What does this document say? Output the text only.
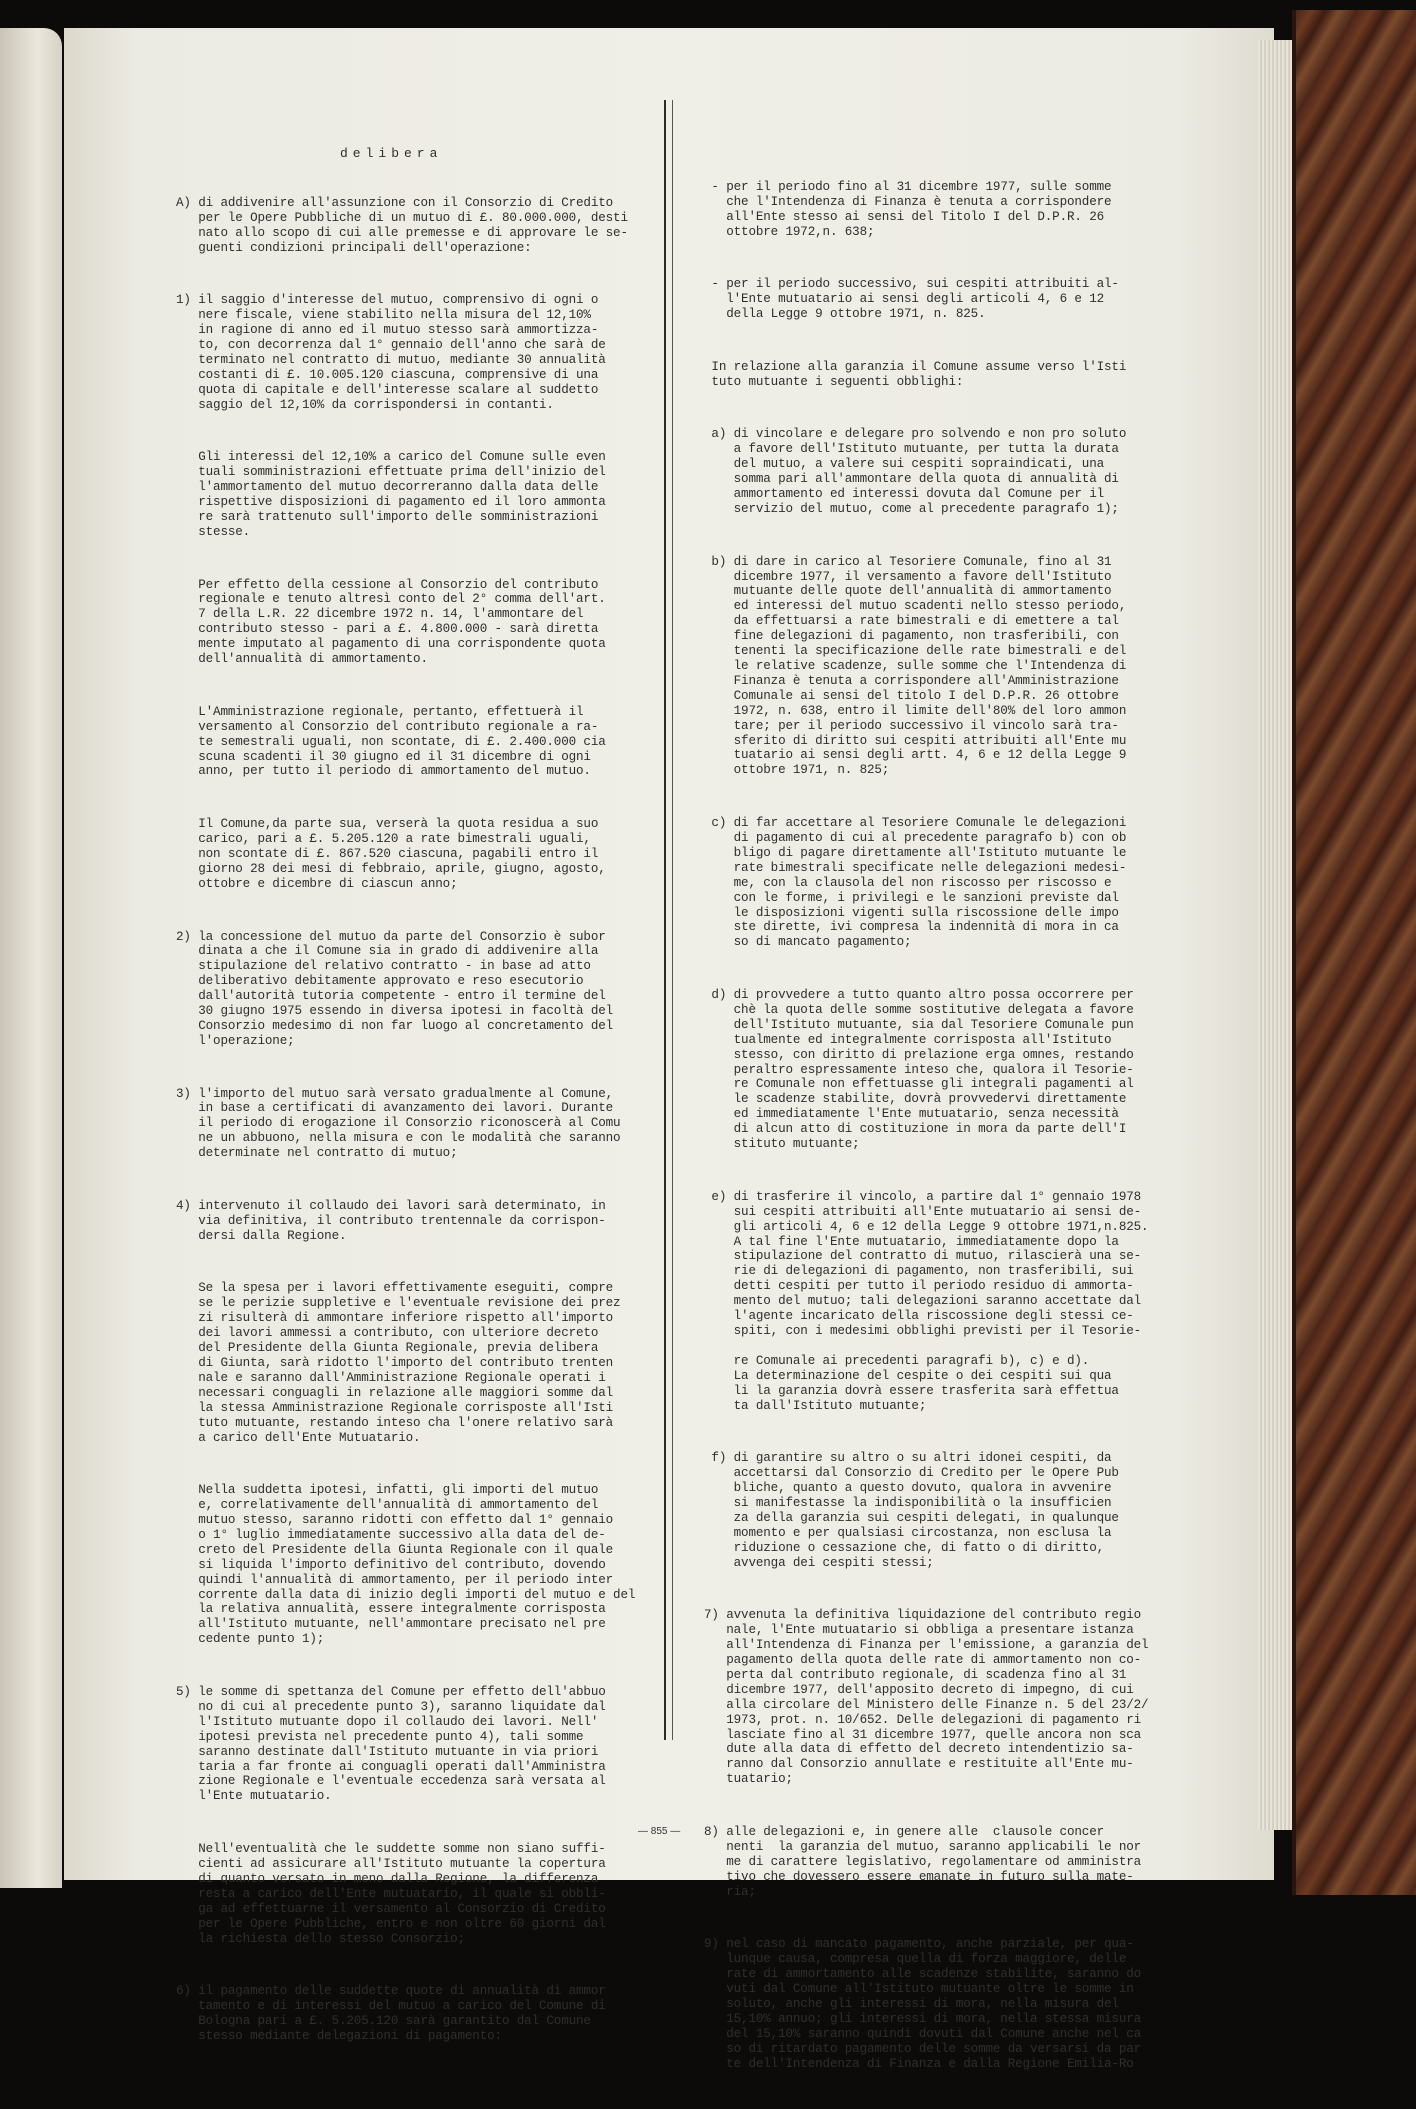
delibera

A) di addivenire all'assunzione con il Consorzio di Credito
per le Opere Pubbliche di un mutuo di £. 80.000.000, desti
nato allo scopo di cui alle premesse e di approvare le se-
guenti condizioni principali dell'operazione:

1) il saggio d'interesse del mutuo, comprensivo di ogni o
nere fiscale, viene stabilito nella misura del 12,10%
in ragione di anno ed il mutuo stesso sarà ammortizza-
to, con decorrenza dal 1° gennaio dell'anno che sarà de
terminato nel contratto di mutuo, mediante 30 annualità
costanti di £. 10.005.120 ciascuna, comprensive di una
quota di capitale e dell'interesse scalare al suddetto
saggio del 12,10% da corrispondersi in contanti.

Gli interessi del 12,10% a carico del Comune sulle even
tuali somministrazioni effettuate prima dell'inizio del
l'ammortamento del mutuo decorreranno dalla data delle
rispettive disposizioni di pagamento ed il loro ammonta
re sarà trattenuto sull'importo delle somministrazioni
stesse.

Per effetto della cessione al Consorzio del contributo
regionale e tenuto altresì conto del 2° comma dell'art.
7 della L.R. 22 dicembre 1972 n. 14, l'ammontare del
contributo stesso - pari a £. 4.800.000 - sarà diretta
mente imputato al pagamento di una corrispondente quota
dell'annualità di ammortamento.

L'Amministrazione regionale, pertanto, effettuerà il
versamento al Consorzio del contributo regionale a ra-
te semestrali uguali, non scontate, di £. 2.400.000 cia
scuna scadenti il 30 giugno ed il 31 dicembre di ogni
anno, per tutto il periodo di ammortamento del mutuo.

Il Comune,da parte sua, verserà la quota residua a suo
carico, pari a £. 5.205.120 a rate bimestrali uguali,
non scontate di £. 867.520 ciascuna, pagabili entro il
giorno 28 dei mesi di febbraio, aprile, giugno, agosto,
ottobre e dicembre di ciascun anno;

2) la concessione del mutuo da parte del Consorzio è subor
dinata a che il Comune sia in grado di addivenire alla
stipulazione del relativo contratto - in base ad atto
deliberativo debitamente approvato e reso esecutorio
dall'autorità tutoria competente - entro il termine del
30 giugno 1975 essendo in diversa ipotesi in facoltà del
Consorzio medesimo di non far luogo al concretamento del
l'operazione;

3) l'importo del mutuo sarà versato gradualmente al Comune,
in base a certificati di avanzamento dei lavori. Durante
il periodo di erogazione il Consorzio riconoscerà al Comu
ne un abbuono, nella misura e con le modalità che saranno
determinate nel contratto di mutuo;

4) intervenuto il collaudo dei lavori sarà determinato, in
via definitiva, il contributo trentennale da corrispon-
dersi dalla Regione.

Se la spesa per i lavori effettivamente eseguiti, compre
se le perizie suppletive e l'eventuale revisione dei prez
zi risulterà di ammontare inferiore rispetto all'importo
dei lavori ammessi a contributo, con ulteriore decreto
del Presidente della Giunta Regionale, previa delibera
di Giunta, sarà ridotto l'importo del contributo trenten
nale e saranno dall'Amministrazione Regionale operati i
necessari conguagli in relazione alle maggiori somme dal
la stessa Amministrazione Regionale corrisposte all'Isti
tuto mutuante, restando inteso cha l'onere relativo sarà
a carico dell'Ente Mutuatario.

Nella suddetta ipotesi, infatti, gli importi del mutuo
e, correlativamente dell'annualità di ammortamento del
mutuo stesso, saranno ridotti con effetto dal 1° gennaio
o 1° luglio immediatamente successivo alla data del de-
creto del Presidente della Giunta Regionale con il quale
si liquida l'importo definitivo del contributo, dovendo
quindi l'annualità di ammortamento, per il periodo inter
corrente dalla data di inizio degli importi del mutuo e del
la relativa annualità, essere integralmente corrisposta
all'Istituto mutuante, nell'ammontare precisato nel pre
cedente punto 1);

5) le somme di spettanza del Comune per effetto dell'abbuo
no di cui al precedente punto 3), saranno liquidate dal
l'Istituto mutuante dopo il collaudo dei lavori. Nell'
ipotesi prevista nel precedente punto 4), tali somme
saranno destinate dall'Istituto mutuante in via priori
taria a far fronte ai conguagli operati dall'Amministra
zione Regionale e l'eventuale eccedenza sarà versata al
l'Ente mutuatario.

Nell'eventualità che le suddette somme non siano suffi-
cienti ad assicurare all'Istituto mutuante la copertura
di quanto versato in meno dalla Regione, la differenza
resta a carico dell'Ente mutuatario, il quale si obbli-
ga ad effettuarne il versamento al Consorzio di Credito
per le Opere Pubbliche, entro e non oltre 60 giorni dal
la richiesta dello stesso Consorzio;

6) il pagamento delle suddette quote di annualità di ammor
tamento e di interessi del mutuo a carico del Comune di
Bologna pari a £. 5.205.120 sarà garantito dal Comune
stesso mediante delegazioni di pagamento:

- per il periodo fino al 31 dicembre 1977, sulle somme
che l'Intendenza di Finanza è tenuta a corrispondere
all'Ente stesso ai sensi del Titolo I del D.P.R. 26
ottobre 1972,n. 638;

- per il periodo successivo, sui cespiti attribuiti al-
l'Ente mutuatario ai sensi degli articoli 4, 6 e 12
della Legge 9 ottobre 1971, n. 825.

In relazione alla garanzia il Comune assume verso l'Isti
tuto mutuante i seguenti obblighi:

a) di vincolare e delegare pro solvendo e non pro soluto
a favore dell'Istituto mutuante, per tutta la durata
del mutuo, a valere sui cespiti sopraindicati, una
somma pari all'ammontare della quota di annualità di
ammortamento ed interessi dovuta dal Comune per il
servizio del mutuo, come al precedente paragrafo 1);

b) di dare in carico al Tesoriere Comunale, fino al 31
dicembre 1977, il versamento a favore dell'Istituto
mutuante delle quote dell'annualità di ammortamento
ed interessi del mutuo scadenti nello stesso periodo,
da effettuarsi a rate bimestrali e di emettere a tal
fine delegazioni di pagamento, non trasferibili, con
tenenti la specificazione delle rate bimestrali e del
le relative scadenze, sulle somme che l'Intendenza di
Finanza è tenuta a corrispondere all'Amministrazione
Comunale ai sensi del titolo I del D.P.R. 26 ottobre
1972, n. 638, entro il limite dell'80% del loro ammon
tare; per il periodo successivo il vincolo sarà tra-
sferito di diritto sui cespiti attribuiti all'Ente mu
tuatario ai sensi degli artt. 4, 6 e 12 della Legge 9
ottobre 1971, n. 825;

c) di far accettare al Tesoriere Comunale le delegazioni
di pagamento di cui al precedente paragrafo b) con ob
bligo di pagare direttamente all'Istituto mutuante le
rate bimestrali specificate nelle delegazioni medesi-
me, con la clausola del non riscosso per riscosso e
con le forme, i privilegi e le sanzioni previste dal
le disposizioni vigenti sulla riscossione delle impo
ste dirette, ivi compresa la indennità di mora in ca
so di mancato pagamento;

d) di provvedere a tutto quanto altro possa occorrere per
chè la quota delle somme sostitutive delegata a favore
dell'Istituto mutuante, sia dal Tesoriere Comunale pun
tualmente ed integralmente corrisposta all'Istituto
stesso, con diritto di prelazione erga omnes, restando
peraltro espressamente inteso che, qualora il Tesorie-
re Comunale non effettuasse gli integrali pagamenti al
le scadenze stabilite, dovrà provvedervi direttamente
ed immediatamente l'Ente mutuatario, senza necessità
di alcun atto di costituzione in mora da parte dell'I
stituto mutuante;

e) di trasferire il vincolo, a partire dal 1° gennaio 1978
sui cespiti attribuiti all'Ente mutuatario ai sensi de-
gli articoli 4, 6 e 12 della Legge 9 ottobre 1971,n.825.
A tal fine l'Ente mutuatario, immediatamente dopo la
stipulazione del contratto di mutuo, rilascierà una se-
rie di delegazioni di pagamento, non trasferibili, sui
detti cespiti per tutto il periodo residuo di ammorta-
mento del mutuo; tali delegazioni saranno accettate dal
l'agente incaricato della riscossione degli stessi ce-
spiti, con i medesimi obblighi previsti per il Tesorie-

re Comunale ai precedenti paragrafi b), c) e d).
La determinazione del cespite o dei cespiti sui qua
li la garanzia dovrà essere trasferita sarà effettua
ta dall'Istituto mutuante;

f) di garantire su altro o su altri idonei cespiti, da
accettarsi dal Consorzio di Credito per le Opere Pub
bliche, quanto a questo dovuto, qualora in avvenire
si manifestasse la indisponibilità o la insufficien
za della garanzia sui cespiti delegati, in qualunque
momento e per qualsiasi circostanza, non esclusa la
riduzione o cessazione che, di fatto o di diritto,
avvenga dei cespiti stessi;

7) avvenuta la definitiva liquidazione del contributo regio
nale, l'Ente mutuatario si obbliga a presentare istanza
all'Intendenza di Finanza per l'emissione, a garanzia del
pagamento della quota delle rate di ammortamento non co-
perta dal contributo regionale, di scadenza fino al 31
dicembre 1977, dell'apposito decreto di impegno, di cui
alla circolare del Ministero delle Finanze n. 5 del 23/2/
1973, prot. n. 10/652. Delle delegazioni di pagamento ri
lasciate fino al 31 dicembre 1977, quelle ancora non sca
dute alla data di effetto del decreto intendentizio sa-
ranno dal Consorzio annullate e restituite all'Ente mu-
tuatario;

8) alle delegazioni e, in genere alle  clausole concer
nenti  la garanzia del mutuo, saranno applicabili le nor
me di carattere legislativo, regolamentare od amministra
tivo che dovessero essere emanate in futuro sulla mate-
ria;

9) nel caso di mancato pagamento, anche parziale, per qua-
lunque causa, compresa quella di forza maggiore, delle
rate di ammortamento alle scadenze stabilite, saranno do
vuti dal Comune all'Istituto mutuante oltre le somme in
soluto, anche gli interessi di mora, nella misura del
15,10% annuo; gli interessi di mora, nella stessa misura
del 15,10% saranno quindi dovuti dal Comune anche nel ca
so di ritardato pagamento delle somme da versarsi da par
te dell'Intendenza di Finanza e dalla Regione Emilia-Ro

— 855 —
